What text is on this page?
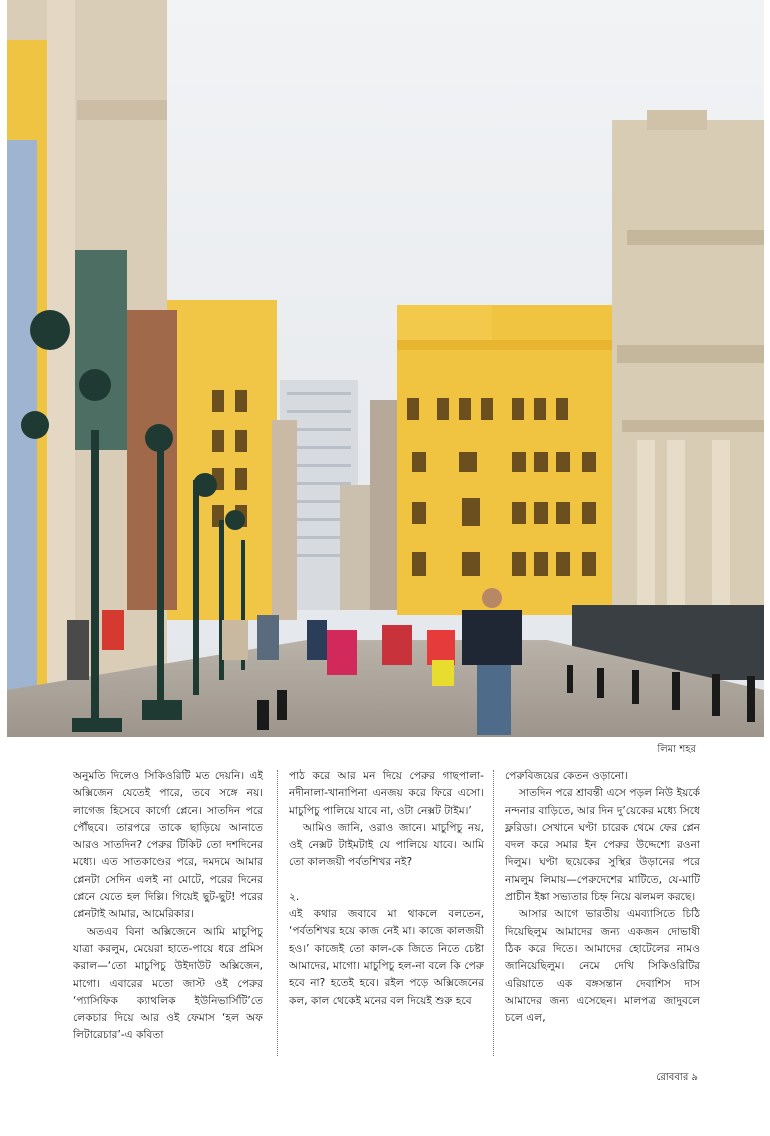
লিমা শহর

অনুমতি দিলেও সিকিওরিটি মত দেয়নি। এই অক্সিজেন যেতেই পারে, তবে সঙ্গে নয়। লাগেজ হিসেবে কার্গো প্লেনে। সাতদিন পরে পৌঁছবে। তারপরে তাকে ছাড়িয়ে আনাতে আরও সাতদিন? পেরুর টিকিট তো দশদিনের মধ্যে। এত সাতকাণ্ডের পরে, দমদমে আমার প্লেনটা সেদিন এলই না মোটে, পরের দিনের প্লেনে যেতে হল দিল্লি। গিয়েই ছুট-ছুট! পরের প্লেনটাই আমার, আমেরিকার।

অতএব বিনা অক্সিজেনে আমি মাচুপিচু যাত্রা করলুম, মেয়েরা হাতে-পায়ে ধরে প্রমিস করাল—‘তো মাচুপিচু উইদাউট অক্সিজেন, মাগো। এবারের মতো জাস্ট ওই পেরুর ‘প্যাসিফিক ক্যাথলিক ইউনিভার্সিটি’তে লেকচার দিয়ে আর ওই ফেমাস ‘হল অফ লিটারেচার’-এ কবিতা

পাঠ করে আর মন দিয়ে পেরুর গাছপালা-নদীনালা-খানাপিনা এনজয় করে ফিরে এসো। মাচুপিচু পালিয়ে যাবে না, ওটা নেক্সট টাইম।’

আমিও জানি, ওরাও জানে। মাচুপিচু নয়, ওই নেক্সট টাইমটাই যে পালিয়ে যাবে। আমি তো কালজয়ী পর্বতশিখর নই?

২.

এই কথার জবাবে মা থাকলে বলতেন, ‘পর্বতশিখর হয়ে কাজ নেই মা। কাজে কালজয়ী হও।’ কাজেই তো কাল-কে জিতে নিতে চেষ্টা আমাদের, মাগো। মাচুপিচু হল-না বলে কি পেরু হবে না? হতেই হবে। রইল পড়ে অক্সিজেনের কল, কাল থেকেই মনের বল দিয়েই শুরু হবে

পেরুবিজয়ের কেতন ওড়ানো।

সাতদিন পরে শ্রাবন্তী এসে পড়ল নিউ ইয়র্কে নন্দনার বাড়িতে, আর দিন দু’য়েকের মধ্যে সিধে ফ্লরিডা। সেখানে ঘণ্টা চারেক থেমে ফের প্লেন বদল করে সমার ইন পেরুর উদ্দেশ্যে রওনা দিলুম। ঘণ্টা ছয়েকের সুস্থির উড়ানের পরে নামলুম লিমায়—পেরুদেশের মাটিতে, যে-মাটি প্রাচীন ইঙ্কা সভ্যতার চিহ্ন নিয়ে ঝলমল করছে।

আসার আগে ভারতীয় এমব্যাসিতে চিঠি দিয়েছিলুম আমাদের জন্য একজন দোভাষী ঠিক করে দিতে। আমাদের হোটেলের নামও জানিয়েছিলুম। নেমে দেখি সিকিওরিটির এরিয়াতে এক বঙ্গসন্তান দেবাশিস দাস আমাদের জন্য এসেছেন। মালপত্র জাদুবলে চলে এল,

রোববার ৯
